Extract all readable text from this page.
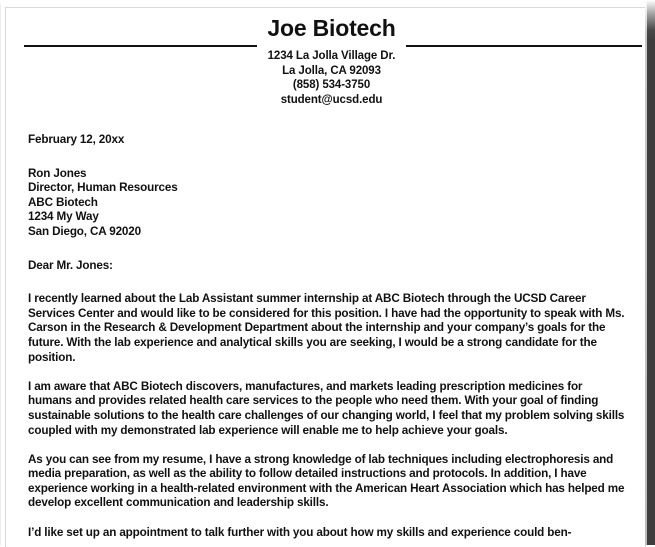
Joe Biotech
1234 La Jolla Village Dr.
La Jolla, CA 92093
(858) 534-3750
student@ucsd.edu
February 12, 20xx
Ron Jones
Director, Human Resources
ABC Biotech
1234 My Way
San Diego, CA 92020
Dear Mr. Jones:

I recently learned about the Lab Assistant summer internship at ABC Biotech through the UCSD Career Services Center and would like to be considered for this position. I have had the opportunity to speak with Ms. Carson in the Research & Development Department about the internship and your company’s goals for the future. With the lab experience and analytical skills you are seeking, I would be a strong candidate for the position.

I am aware that ABC Biotech discovers, manufactures, and markets leading prescription medicines for humans and provides related health care services to the people who need them. With your goal of finding sustainable solutions to the health care challenges of our changing world, I feel that my problem solving skills coupled with my demonstrated lab experience will enable me to help achieve your goals.

As you can see from my resume, I have a strong knowledge of lab techniques including electrophoresis and media preparation, as well as the ability to follow detailed instructions and protocols. In addition, I have experience working in a health-related environment with the American Heart Association which has helped me develop excellent communication and leadership skills.

I’d like set up an appointment to talk further with you about how my skills and experience could ben-
